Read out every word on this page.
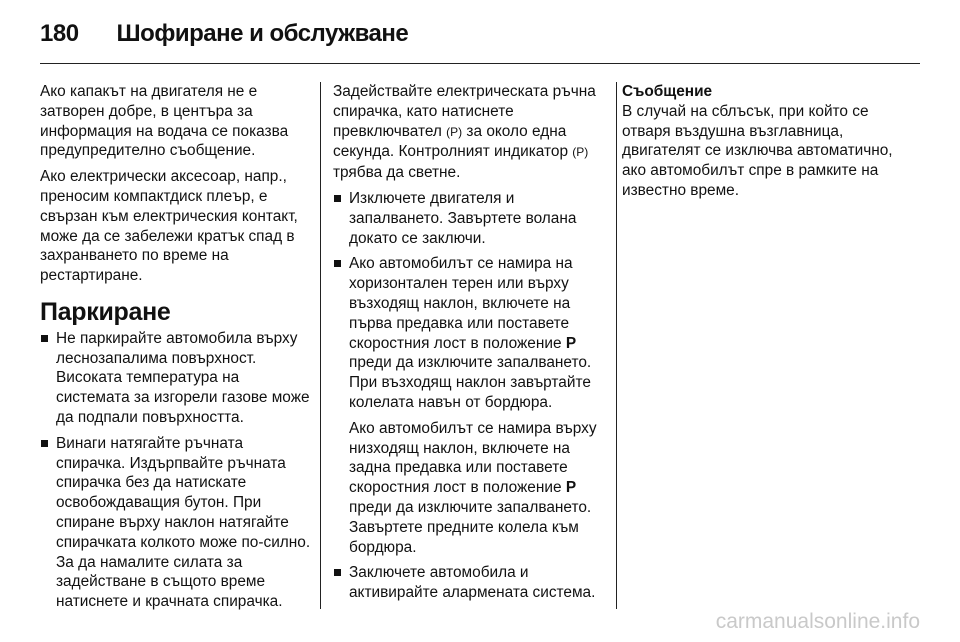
180 Шофиране и обслужване

Ако капакът на двигателя не е затворен добре, в центъра за информация на водача се показва предупредително съобщение.

Ако електрически аксесоар, напр., преносим компактдиск плеър, е свързан към електрическия контакт, може да се забележи кратък спад в захранването по време на рестартиране.

Паркиране
Не паркирайте автомобила върху леснозапалима повърхност. Високата температура на системата за изгорели газове може да подпали повърхността.
Винаги натягайте ръчната спирачка. Издърпвайте ръчната спирачка без да натискате освобождаващия бутон. При спиране върху наклон натягайте спирачката колкото може по-силно. За да намалите силата за задействане в същото време натиснете и крачната спирачка.

Задействайте електрическата ръчна спирачка, като натиснете превключвател (P) за около една секунда. Контролният индикатор (P) трябва да светне.

Изключете двигателя и запалването. Завъртете волана докато се заключи.
Ако автомобилът се намира на хоризонтален терен или върху възходящ наклон, включете на първа предавка или поставете скоростния лост в положение P преди да изключите запалването. При възходящ наклон завъртайте колелата навън от бордюра.

Ако автомобилът се намира върху низходящ наклон, включете на задна предавка или поставете скоростния лост в положение P преди да изключите запалването. Завъртете предните колела към бордюра.

Заключете автомобила и активирайте алармената система.
Съобщение

В случай на сблъсък, при който се отваря въздушна възглавница, двигателят се изключва автоматично, ако автомобилът спре в рамките на известно време.

carmanualsonline.info
